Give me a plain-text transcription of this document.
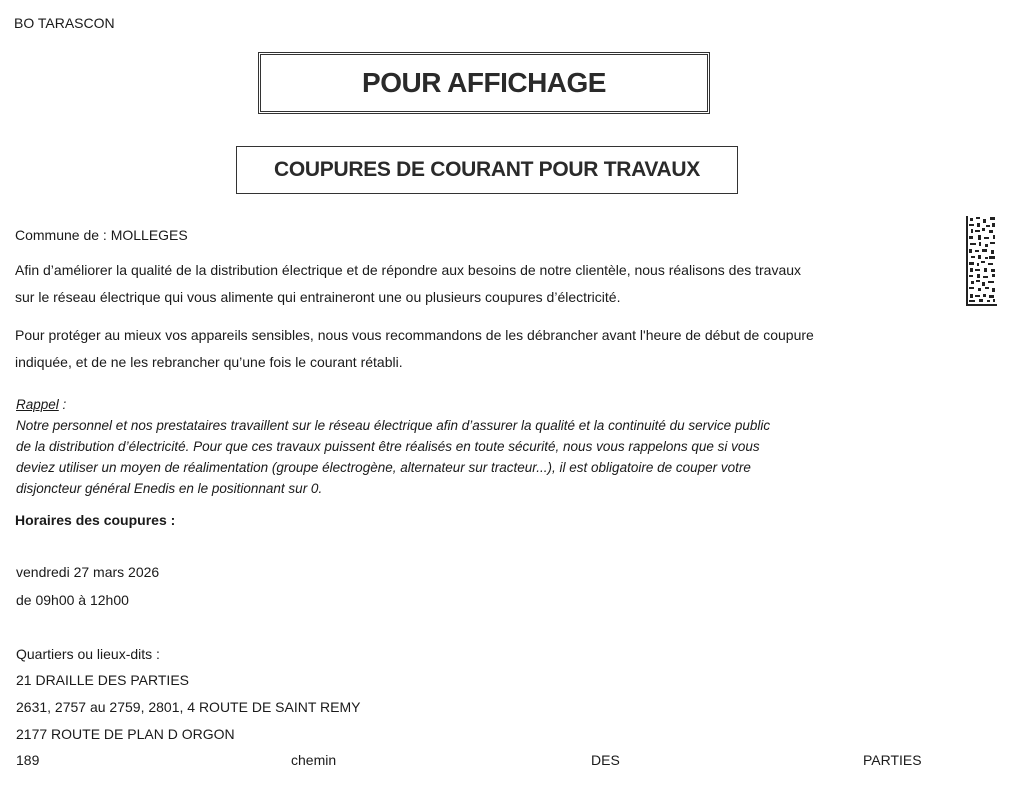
BO TARASCON
POUR AFFICHAGE
COUPURES DE COURANT POUR TRAVAUX
Commune de : MOLLEGES
Afin d’améliorer la qualité de la distribution électrique et de répondre aux besoins de notre clientèle, nous réalisons des travaux
sur le réseau électrique qui vous alimente qui entraineront une ou plusieurs coupures d’électricité.
Pour protéger au mieux vos appareils sensibles, nous vous recommandons de les débrancher avant l'heure de début de coupure
indiquée, et de ne les rebrancher qu’une fois le courant rétabli.
Rappel :
Notre personnel et nos prestataires travaillent sur le réseau électrique afin d’assurer la qualité et la continuité du service public
de la distribution d’électricité. Pour que ces travaux puissent être réalisés en toute sécurité, nous vous rappelons que si vous
deviez utiliser un moyen de réalimentation (groupe électrogène, alternateur sur tracteur...), il est obligatoire de couper votre
disjoncteur général Enedis en le positionnant sur 0.
Horaires des coupures :
vendredi 27 mars 2026
de 09h00 à 12h00
Quartiers ou lieux-dits :
21 DRAILLE DES PARTIES
2631, 2757 au 2759, 2801, 4 ROUTE DE SAINT REMY
2177 ROUTE DE PLAN D ORGON
189	chemin	DES	PARTIES
